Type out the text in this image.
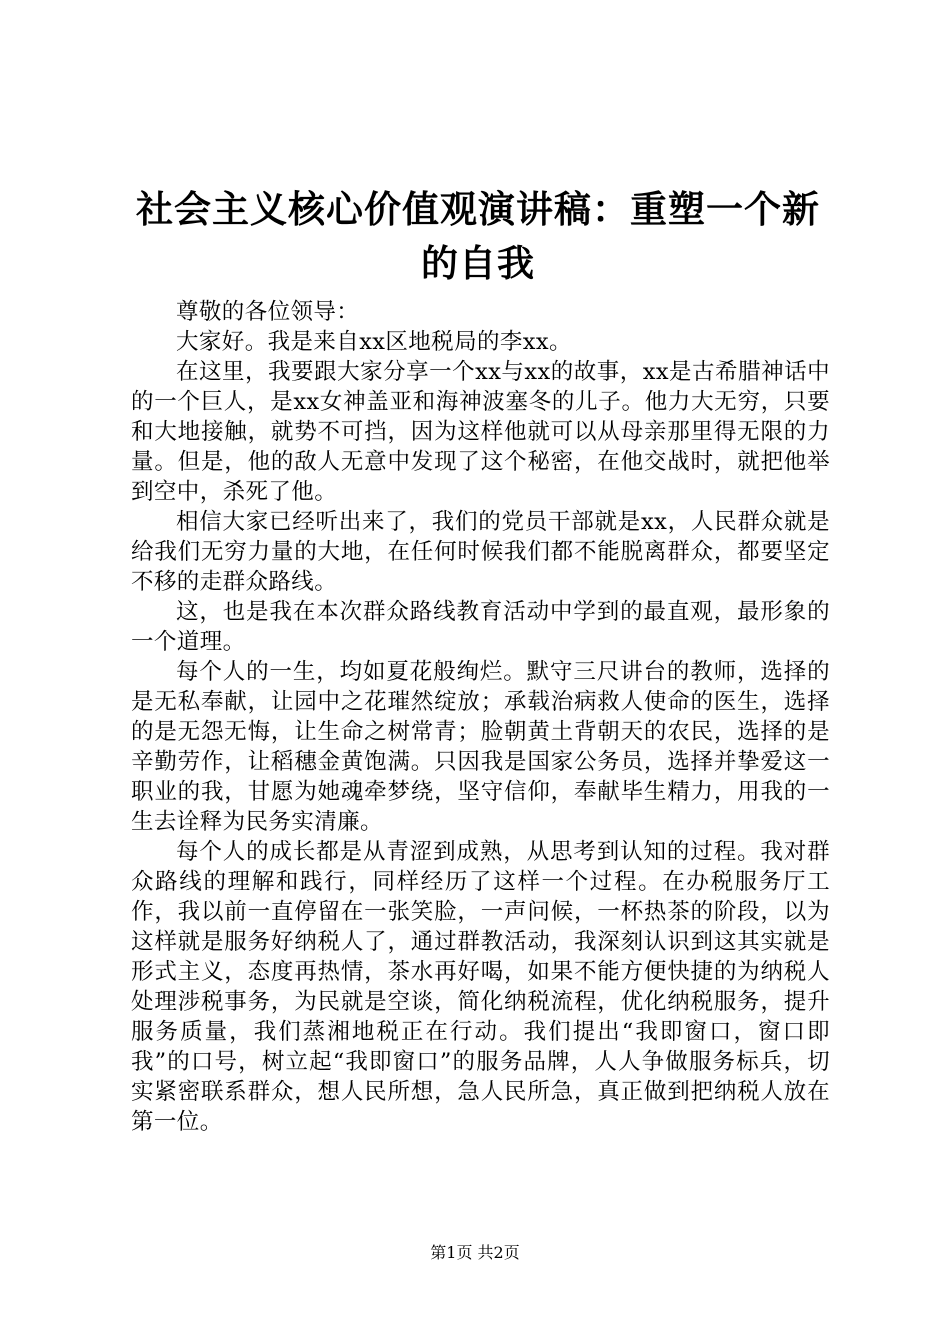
社会主义核心价值观演讲稿：重塑一个新的自我

尊敬的各位领导：

大家好。我是来自xx区地税局的李xx。

在这里，我要跟大家分享一个xx与xx的故事，xx是古希腊神话中的一个巨人，是xx女神盖亚和海神波塞冬的儿子。他力大无穷，只要和大地接触，就势不可挡，因为这样他就可以从母亲那里得无限的力量。但是，他的敌人无意中发现了这个秘密，在他交战时，就把他举到空中，杀死了他。

相信大家已经听出来了，我们的党员干部就是xx，人民群众就是给我们无穷力量的大地，在任何时候我们都不能脱离群众，都要坚定不移的走群众路线。

这，也是我在本次群众路线教育活动中学到的最直观，最形象的一个道理。

每个人的一生，均如夏花般绚烂。默守三尺讲台的教师，选择的是无私奉献，让园中之花璀然绽放；承载治病救人使命的医生，选择的是无怨无悔，让生命之树常青；脸朝黄土背朝天的农民，选择的是辛勤劳作，让稻穗金黄饱满。只因我是国家公务员，选择并挚爱这一职业的我，甘愿为她魂牵梦绕，坚守信仰，奉献毕生精力，用我的一生去诠释为民务实清廉。

每个人的成长都是从青涩到成熟，从思考到认知的过程。我对群众路线的理解和践行，同样经历了这样一个过程。在办税服务厅工作，我以前一直停留在一张笑脸，一声问候，一杯热茶的阶段，以为这样就是服务好纳税人了，通过群教活动，我深刻认识到这其实就是形式主义，态度再热情，茶水再好喝，如果不能方便快捷的为纳税人处理涉税事务，为民就是空谈，简化纳税流程，优化纳税服务，提升服务质量，我们蒸湘地税正在行动。我们提出“我即窗口，窗口即我”的口号，树立起“我即窗口”的服务品牌，人人争做服务标兵，切实紧密联系群众，想人民所想，急人民所急，真正做到把纳税人放在第一位。

第1页 共2页
